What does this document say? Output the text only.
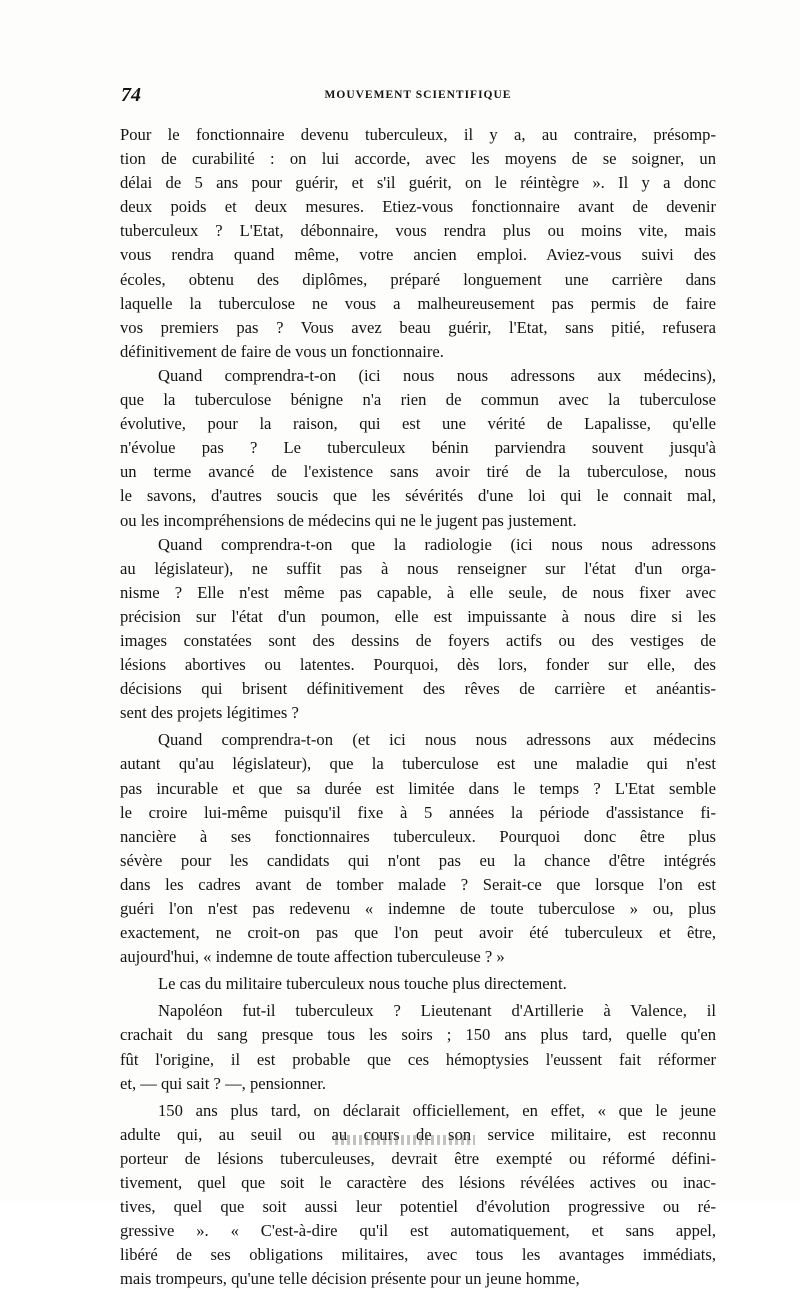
74	MOUVEMENT SCIENTIFIQUE
Pour le fonctionnaire devenu tuberculeux, il y a, au contraire, présomp-
tion de curabilité : on lui accorde, avec les moyens de se soigner, un
délai de 5 ans pour guérir, et s'il guérit, on le réintègre ». Il y a donc
deux poids et deux mesures. Etiez-vous fonctionnaire avant de devenir
tuberculeux ? L'Etat, débonnaire, vous rendra plus ou moins vite, mais
vous rendra quand même, votre ancien emploi. Aviez-vous suivi des
écoles, obtenu des diplômes, préparé longuement une carrière dans
laquelle la tuberculose ne vous a malheureusement pas permis de faire
vos premiers pas ? Vous avez beau guérir, l'Etat, sans pitié, refusera
définitivement de faire de vous un fonctionnaire.
Quand comprendra-t-on (ici nous nous adressons aux médecins),
que la tuberculose bénigne n'a rien de commun avec la tuberculose
évolutive, pour la raison, qui est une vérité de Lapalisse, qu'elle
n'évolue pas ? Le tuberculeux bénin parviendra souvent jusqu'à
un terme avancé de l'existence sans avoir tiré de la tuberculose, nous
le savons, d'autres soucis que les sévérités d'une loi qui le connait mal,
ou les incompréhensions de médecins qui ne le jugent pas justement.
Quand comprendra-t-on que la radiologie (ici nous nous adressons
au législateur), ne suffit pas à nous renseigner sur l'état d'un orga-
nisme ? Elle n'est même pas capable, à elle seule, de nous fixer avec
précision sur l'état d'un poumon, elle est impuissante à nous dire si les
images constatées sont des dessins de foyers actifs ou des vestiges de
lésions abortives ou latentes. Pourquoi, dès lors, fonder sur elle, des
décisions qui brisent définitivement des rêves de carrière et anéantis-
sent des projets légitimes ?
Quand comprendra-t-on (et ici nous nous adressons aux médecins
autant qu'au législateur), que la tuberculose est une maladie qui n'est
pas incurable et que sa durée est limitée dans le temps ? L'Etat semble
le croire lui-même puisqu'il fixe à 5 années la période d'assistance fi-
nancière à ses fonctionnaires tuberculeux. Pourquoi donc être plus
sévère pour les candidats qui n'ont pas eu la chance d'être intégrés
dans les cadres avant de tomber malade ? Serait-ce que lorsque l'on est
guéri l'on n'est pas redevenu « indemne de toute tuberculose » ou, plus
exactement, ne croit-on pas que l'on peut avoir été tuberculeux et être,
aujourd'hui, « indemne de toute affection tuberculeuse ? »
Le cas du militaire tuberculeux nous touche plus directement.
Napoléon fut-il tuberculeux ? Lieutenant d'Artillerie à Valence, il
crachait du sang presque tous les soirs ; 150 ans plus tard, quelle qu'en
fût l'origine, il est probable que ces hémoptysies l'eussent fait réformer
et, — qui sait ? —, pensionner.
150 ans plus tard, on déclarait officiellement, en effet, « que le jeune
adulte qui, au seuil ou au cours de son service militaire, est reconnu
porteur de lésions tuberculeuses, devrait être exempté ou réformé défini-
tivement, quel que soit le caractère des lésions révélées actives ou inac-
tives, quel que soit aussi leur potentiel d'évolution progressive ou ré-
gressive ». « C'est-à-dire qu'il est automatiquement, et sans appel,
libéré de ses obligations militaires, avec tous les avantages immédiats,
mais trompeurs, qu'une telle décision présente pour un jeune homme,
